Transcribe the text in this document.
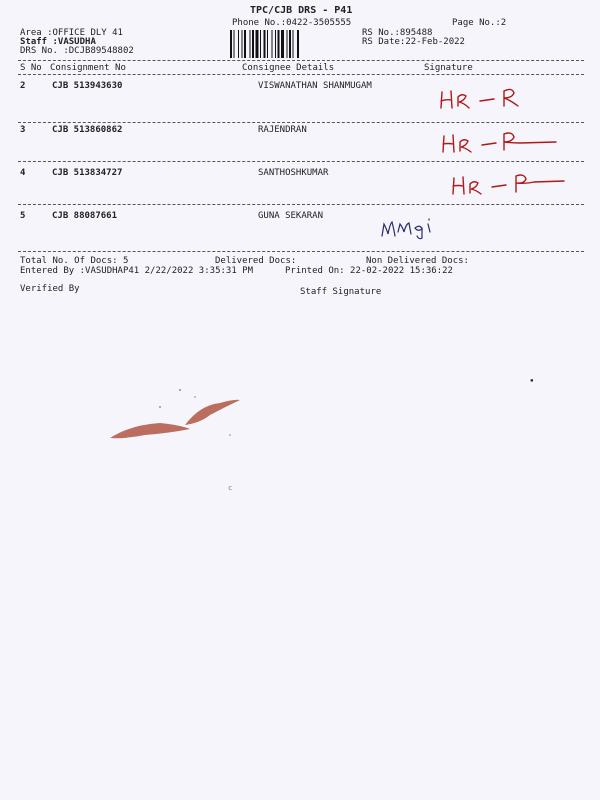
TPC/CJB DRS - P41
Phone No.:0422-3505555	Page No.:2
Area :OFFICE DLY 41
Staff :VASUDHA
DRS No. :DCJB89548802
RS No.:895488
RS Date:22-Feb-2022
S No Consignment No	Consignee Details	Signature
2	CJB 513943630	VISWANATHAN SHANMUGAM
3	CJB 513860862	RAJENDRAN
4	CJB 513834727	SANTHOSHKUMAR
5	CJB 88087661	GUNA SEKARAN
Total No. Of Docs: 5	Delivered Docs:	Non Delivered Docs:
Entered By :VASUDHAP41 2/22/2022 3:35:31 PM	Printed On: 22-02-2022 15:36:22
Verified By	Staff Signature
▪
c
